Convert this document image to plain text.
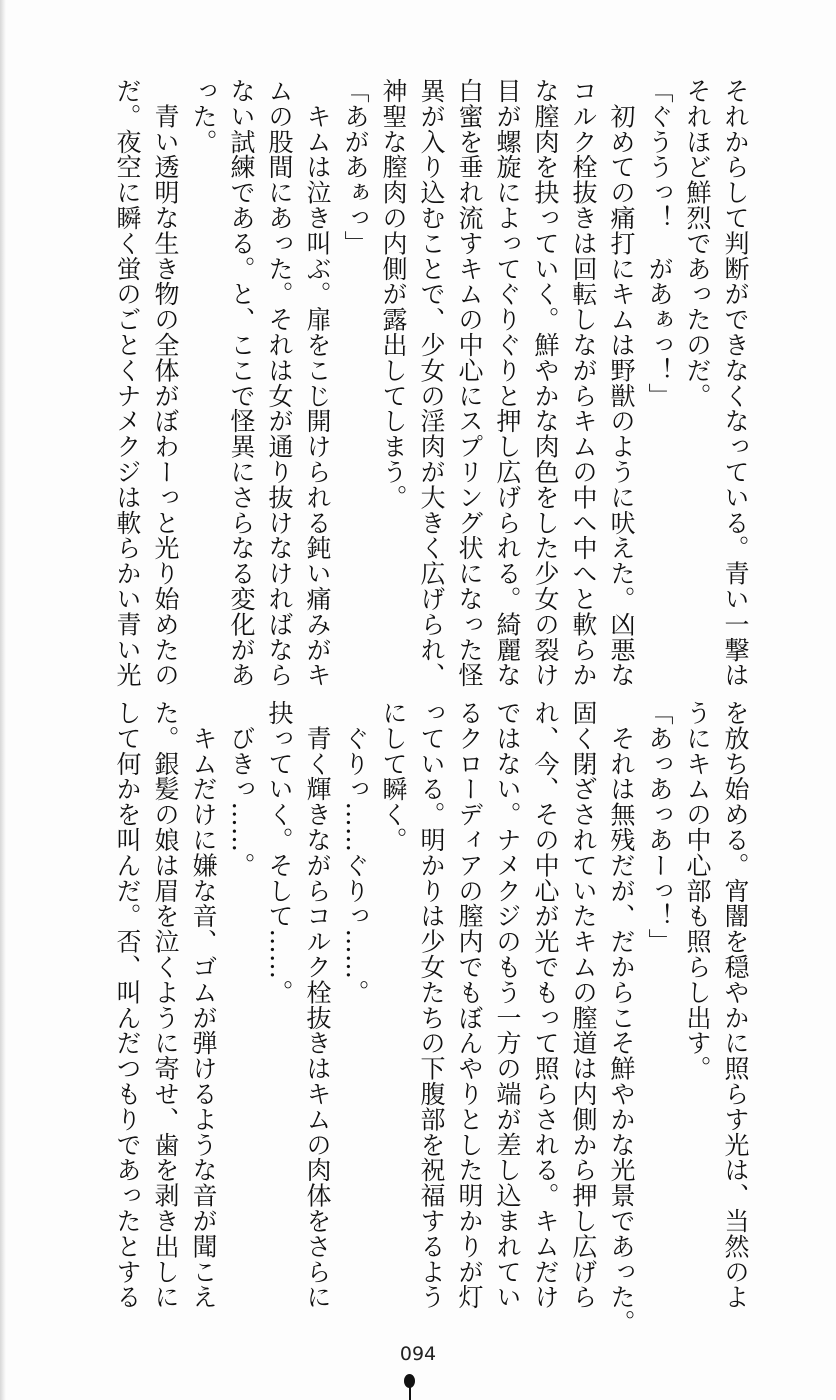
それからして判断ができなくなっている。青い一撃は
それほど鮮烈であったのだ。
「ぐううっ！　があぁっ！」
　初めての痛打にキムは野獣のように吠えた。凶悪な
コルク栓抜きは回転しながらキムの中へ中へと軟らか
な膣肉を抉っていく。鮮やかな肉色をした少女の裂け
目が螺旋によってぐりぐりと押し広げられる。綺麗な
白蜜を垂れ流すキムの中心にスプリング状になった怪
異が入り込むことで、少女の淫肉が大きく広げられ、
神聖な膣肉の内側が露出してしまう。
「あがあぁっ」
　キムは泣き叫ぶ。扉をこじ開けられる鈍い痛みがキ
ムの股間にあった。それは女が通り抜けなければなら
ない試練である。と、ここで怪異にさらなる変化があ
った。
　青い透明な生き物の全体がぼわーっと光り始めたの
だ。夜空に瞬く蛍のごとくナメクジは軟らかい青い光
を放ち始める。宵闇を穏やかに照らす光は、当然のよ
うにキムの中心部も照らし出す。
「あっあっあーっ！」
　それは無残だが、だからこそ鮮やかな光景であった。
固く閉ざされていたキムの膣道は内側から押し広げら
れ、今、その中心が光でもって照らされる。キムだけ
ではない。ナメクジのもう一方の端が差し込まれてい
るクローディアの膣内でもぼんやりとした明かりが灯
っている。明かりは少女たちの下腹部を祝福するよう
にして瞬く。
　ぐりっ……ぐりっ……。
　青く輝きながらコルク栓抜きはキムの肉体をさらに
抉っていく。そして……。
　びきっ……。
　キムだけに嫌な音、ゴムが弾けるような音が聞こえ
た。銀髪の娘は眉を泣くように寄せ、歯を剥き出しに
して何かを叫んだ。否、叫んだつもりであったとする
094
